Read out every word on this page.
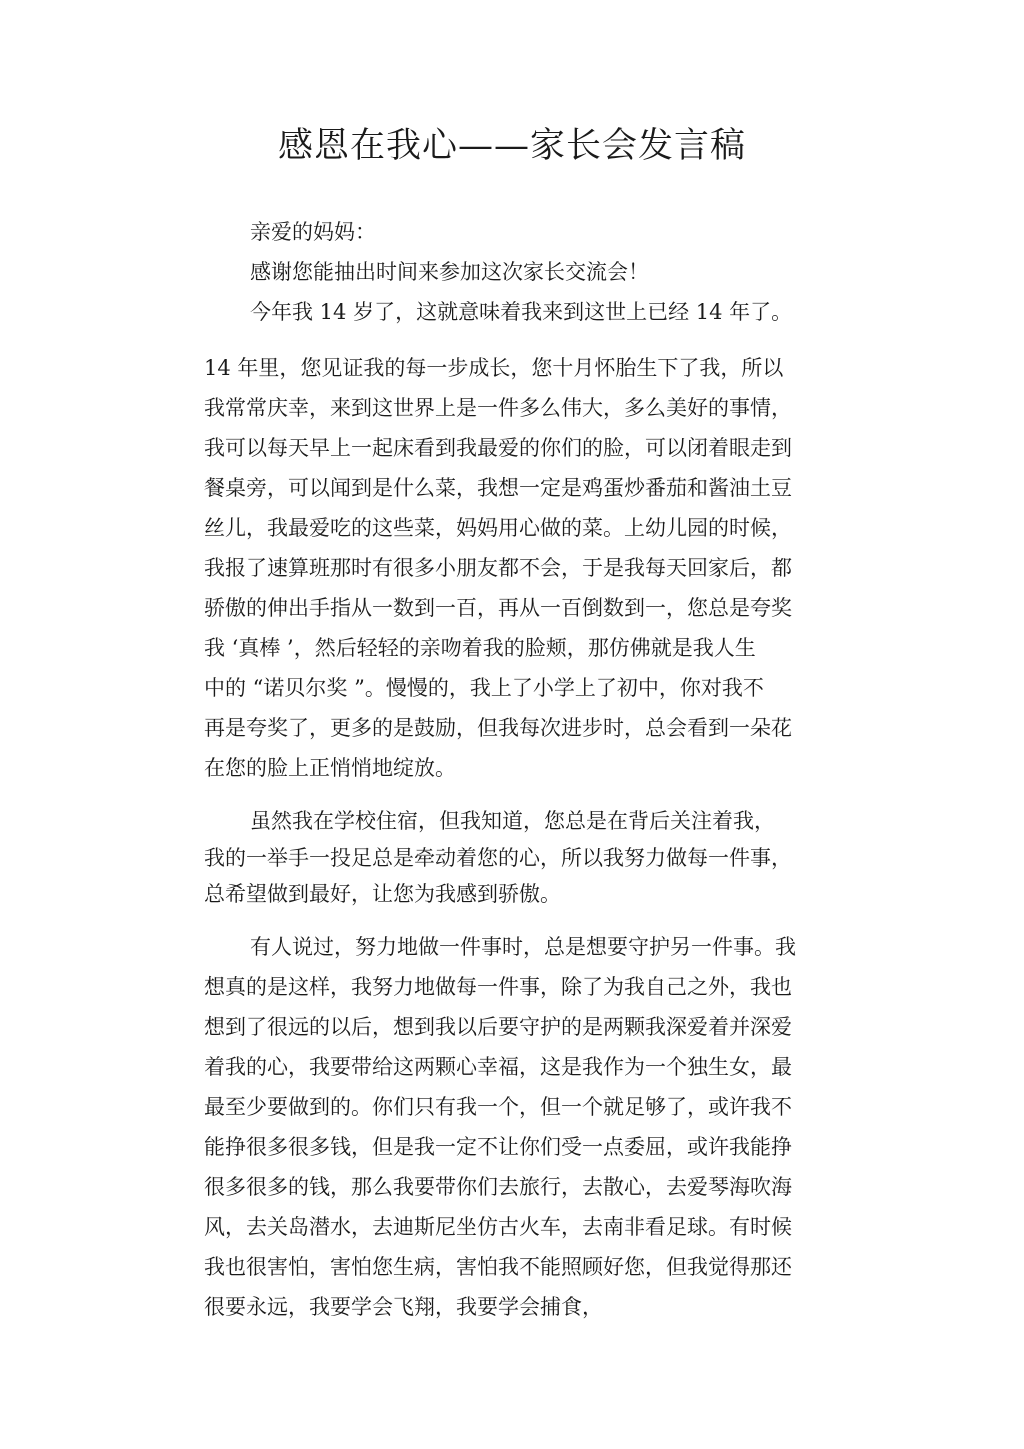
感恩在我心——家长会发言稿
亲爱的妈妈：
感谢您能抽出时间来参加这次家长交流会！
今年我 14 岁了，这就意味着我来到这世上已经 14 年了。
14 年里，您见证我的每一步成长，您十月怀胎生下了我，所以
我常常庆幸，来到这世界上是一件多么伟大，多么美好的事情，
我可以每天早上一起床看到我最爱的你们的脸，可以闭着眼走到
餐桌旁，可以闻到是什么菜，我想一定是鸡蛋炒番茄和酱油土豆
丝儿，我最爱吃的这些菜，妈妈用心做的菜。上幼儿园的时候，
我报了速算班那时有很多小朋友都不会，于是我每天回家后，都
骄傲的伸出手指从一数到一百，再从一百倒数到一，您总是夸奖
我 ‘真棒 ’，然后轻轻的亲吻着我的脸颊，那仿佛就是我人生
中的 “诺贝尔奖 ”。慢慢的，我上了小学上了初中，你对我不
再是夸奖了，更多的是鼓励，但我每次进步时，总会看到一朵花
在您的脸上正悄悄地绽放。
虽然我在学校住宿，但我知道，您总是在背后关注着我，
我的一举手一投足总是牵动着您的心，所以我努力做每一件事，
总希望做到最好，让您为我感到骄傲。
有人说过，努力地做一件事时，总是想要守护另一件事。我
想真的是这样，我努力地做每一件事，除了为我自己之外，我也
想到了很远的以后，想到我以后要守护的是两颗我深爱着并深爱
着我的心，我要带给这两颗心幸福，这是我作为一个独生女，最
最至少要做到的。你们只有我一个，但一个就足够了，或许我不
能挣很多很多钱，但是我一定不让你们受一点委屈，或许我能挣
很多很多的钱，那么我要带你们去旅行，去散心，去爱琴海吹海
风，去关岛潜水，去迪斯尼坐仿古火车，去南非看足球。有时候
我也很害怕，害怕您生病，害怕我不能照顾好您，但我觉得那还
很要永远，我要学会飞翔，我要学会捕食，
